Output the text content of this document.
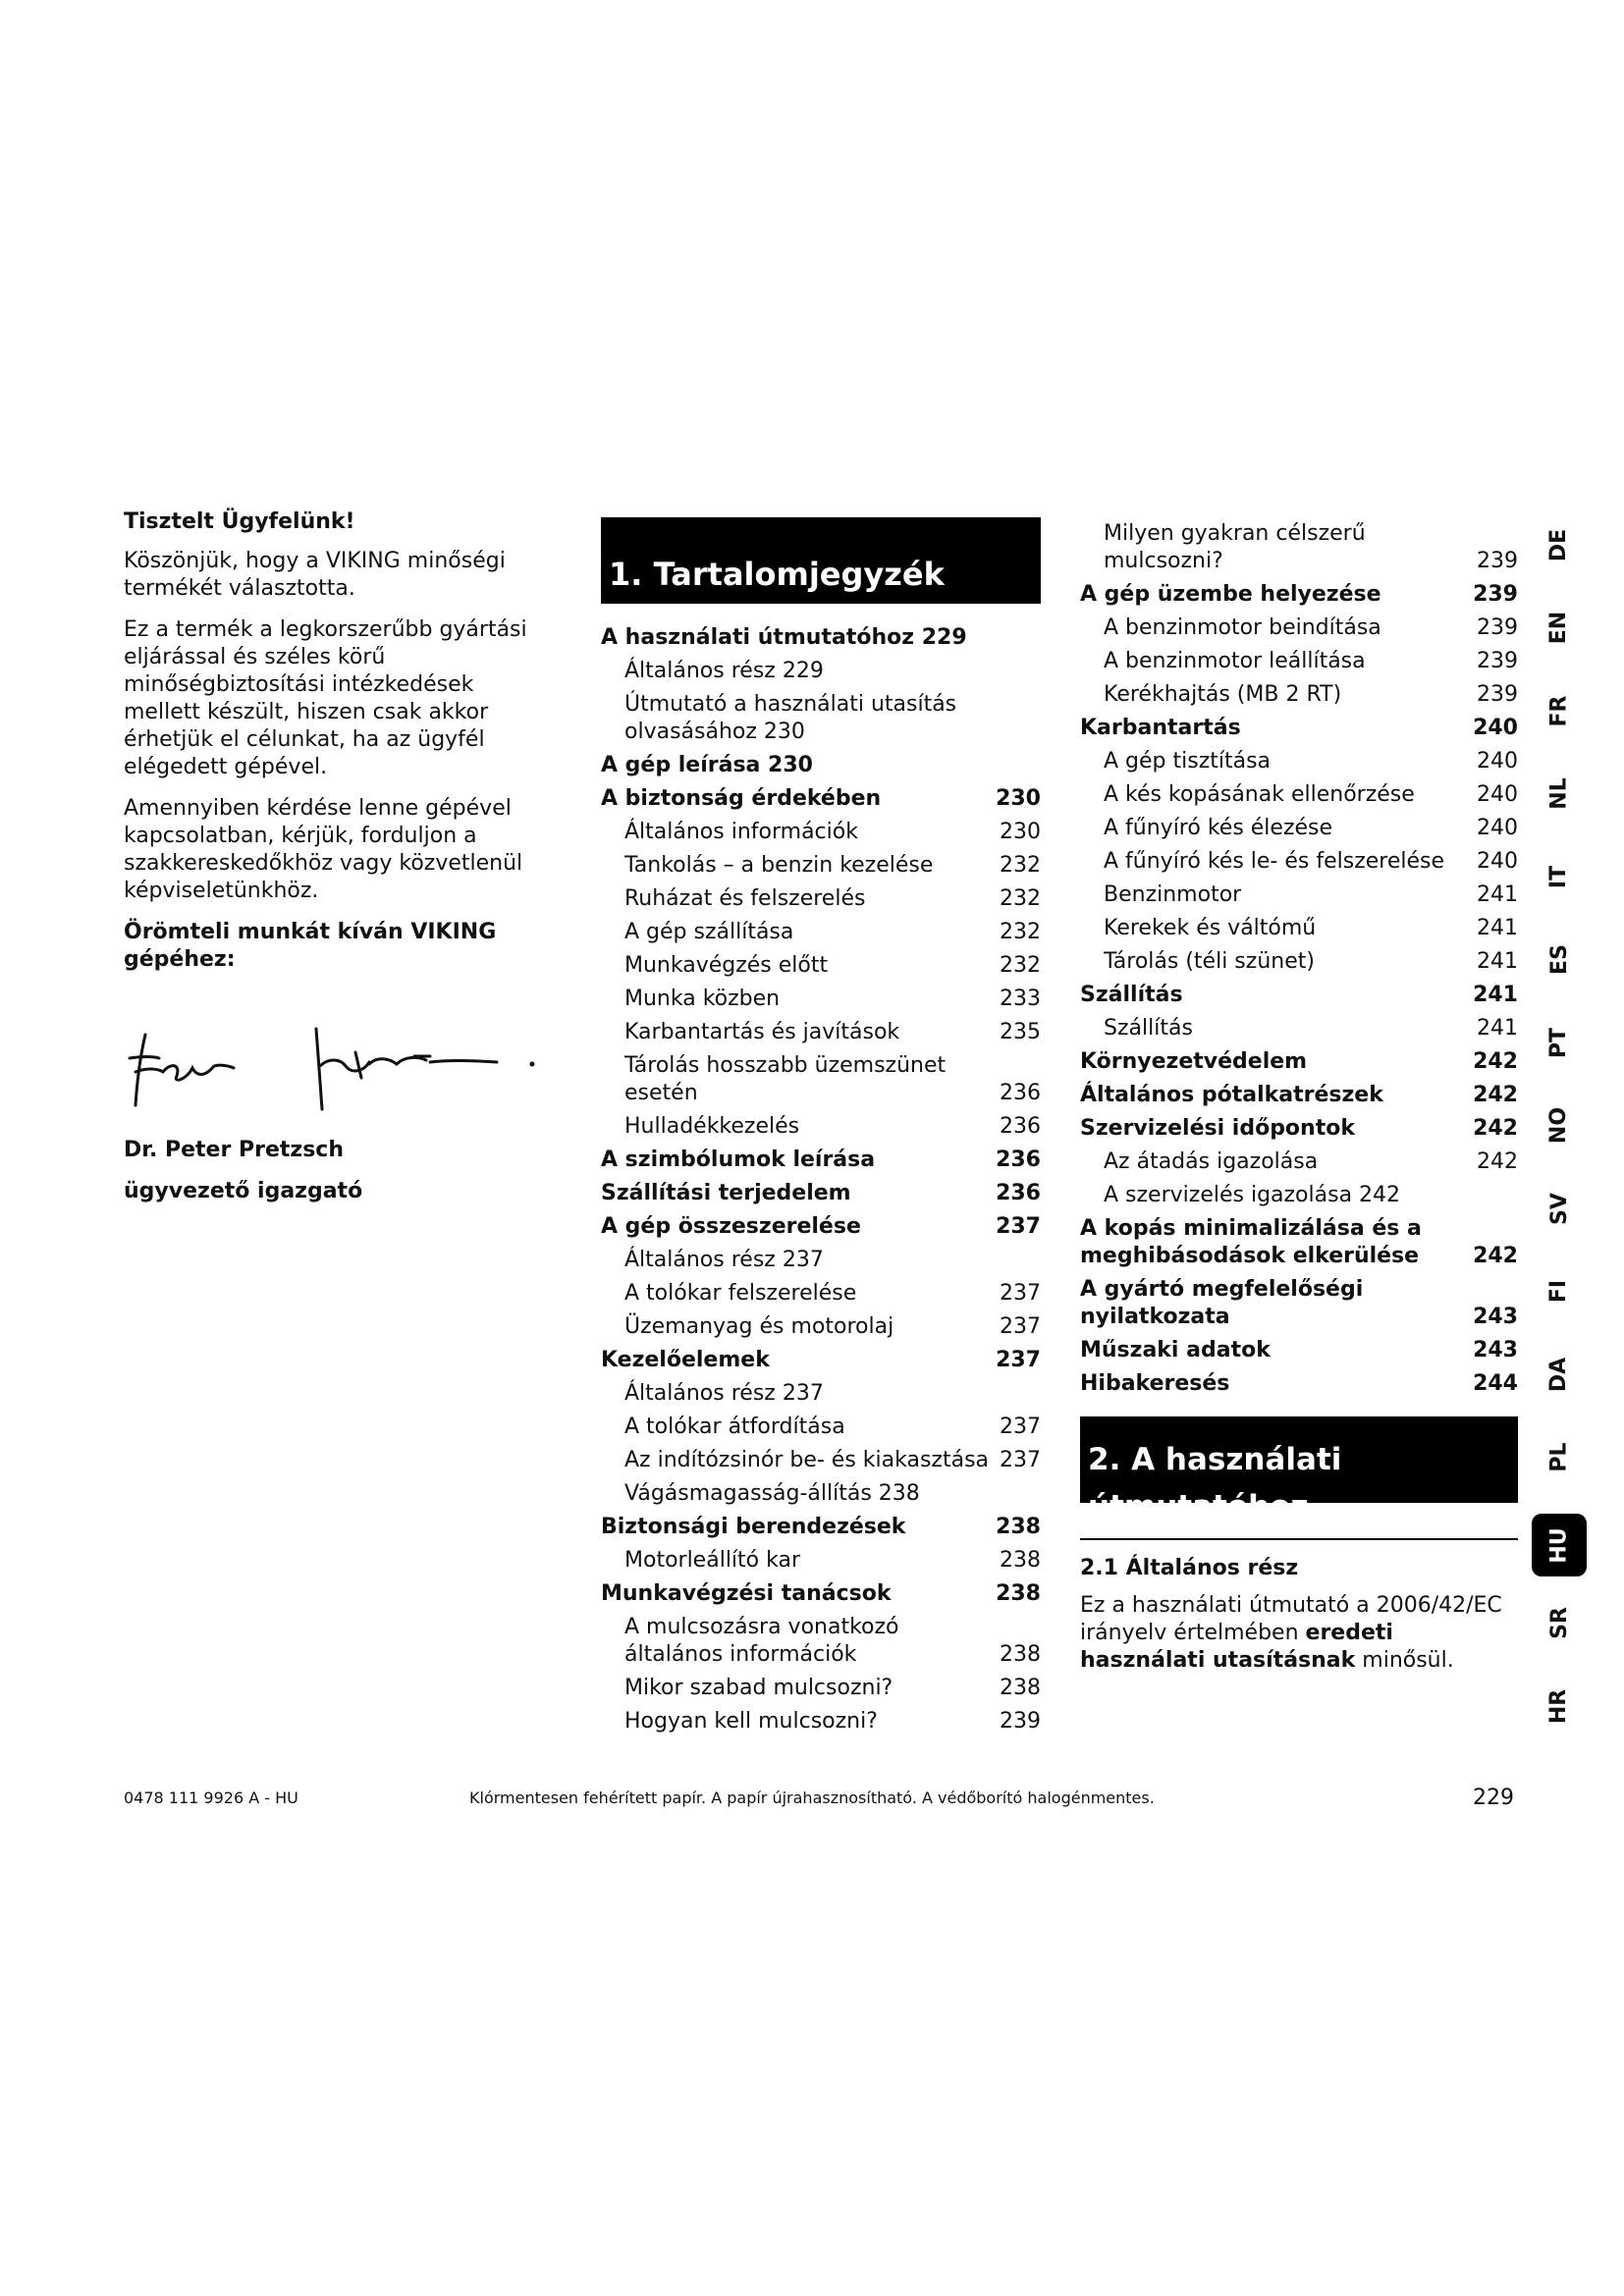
Tisztelt Ügyfelünk!

Köszönjük, hogy a VIKING minőségi termékét választotta.

Ez a termék a legkorszerűbb gyártási eljárással és széles körű minőségbiztosítási intézkedések mellett készült, hiszen csak akkor érhetjük el célunkat, ha az ügyfél elégedett gépével.

Amennyiben kérdése lenne gépével kapcsolatban, kérjük, forduljon a szakkereskedőkhöz vagy közvetlenül képviseletünkhöz.

Örömteli munkát kíván VIKING gépéhez:

Dr. Peter Pretzsch

ügyvezető igazgató

1. Tartalomjegyzék
A használati útmutatóhoz 229
Általános rész 229
Útmutató a használati utasítás olvasásához 230
A gép leírása 230
A biztonság érdekében	230
Általános információk	230
Tankolás – a benzin kezelése	232
Ruházat és felszerelés	232
A gép szállítása	232
Munkavégzés előtt	232
Munka közben	233
Karbantartás és javítások	235
Tárolás hosszabb üzemszünet esetén	236
Hulladékkezelés	236
A szimbólumok leírása	236
Szállítási terjedelem	236
A gép összeszerelése	237
Általános rész 237
A tolókar felszerelése	237
Üzemanyag és motorolaj	237
Kezelőelemek	237
Általános rész 237
A tolókar átfordítása	237
Az indítózsinór be- és kiakasztása 237
Vágásmagasság-állítás 238
Biztonsági berendezések	238
Motorleállító kar	238
Munkavégzési tanácsok	238
A mulcsozásra vonatkozó általános információk	238
Mikor szabad mulcsozni?	238
Hogyan kell mulcsozni?	239
Milyen gyakran célszerű mulcsozni?	239
A gép üzembe helyezése	239
A benzinmotor beindítása	239
A benzinmotor leállítása	239
Kerékhajtás (MB 2 RT)	239
Karbantartás	240
A gép tisztítása	240
A kés kopásának ellenőrzése	240
A fűnyíró kés élezése	240
A fűnyíró kés le- és felszerelése	240
Benzinmotor	241
Kerekek és váltómű	241
Tárolás (téli szünet)	241
Szállítás	241
Szállítás	241
Környezetvédelem	242
Általános pótalkatrészek	242
Szervizelési időpontok	242
Az átadás igazolása	242
A szervizelés igazolása 242
A kopás minimalizálása és a meghibásodások elkerülése	242
A gyártó megfelelőségi nyilatkozata	243
Műszaki adatok	243
Hibakeresés	244
2. A használati útmutatóhoz

2.1 Általános rész

Ez a használati útmutató a 2006/42/EC irányelv értelmében eredeti használati utasításnak minősül.

DE
EN
FR
NL
IT
ES
PT
NO
SV
FI
DA
PL
HU
SR
HR
0478 111 9926 A - HU	Klórmentesen fehérített papír. A papír újrahasznosítható. A védőborító halogénmentes.	229
